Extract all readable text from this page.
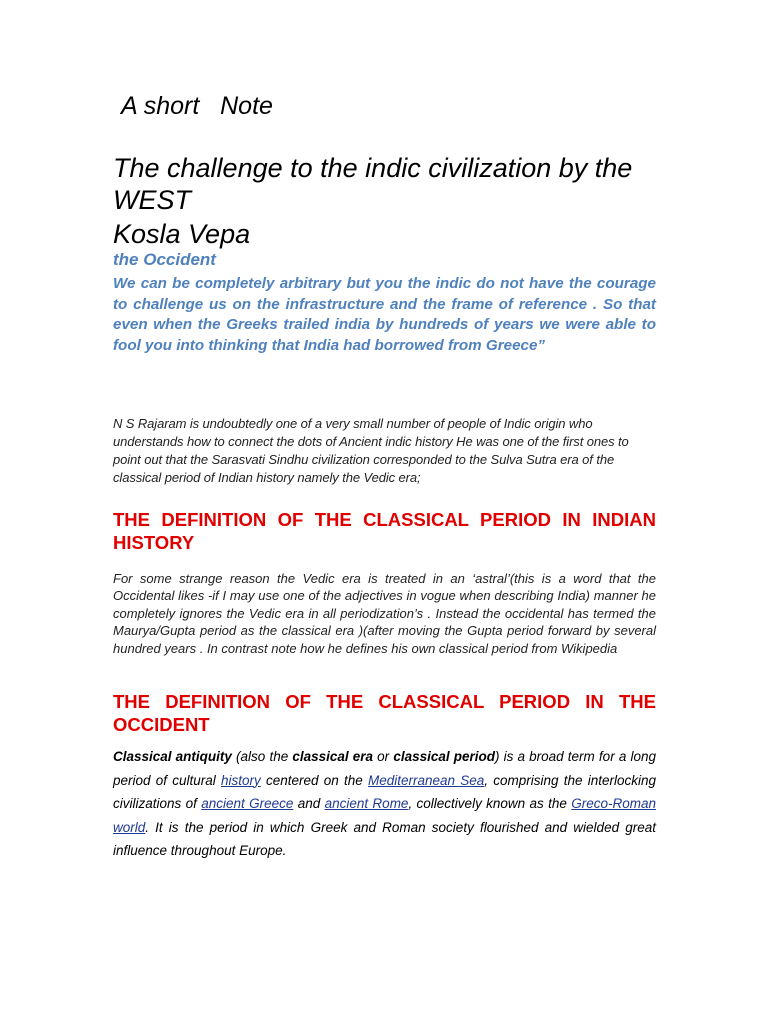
A short   Note

The challenge to the indic civilization by the WEST

Kosla Vepa

the Occident

We can be completely arbitrary but you the indic do not have the courage to challenge us on the infrastructure and the frame of reference . So that even when the Greeks trailed india by hundreds of years we were able to fool you into thinking that India had borrowed from Greece”

N S Rajaram is undoubtedly one of a very small number of people of Indic origin who understands how to connect the dots of Ancient indic history He was one of the first ones to point out that the Sarasvati Sindhu civilization corresponded to the Sulva Sutra era of the classical period of Indian history namely the Vedic era;

THE DEFINITION OF THE CLASSICAL PERIOD IN INDIAN HISTORY

For some strange reason the Vedic era is treated in an ‘astral’(this is a word that the Occidental likes -if I may use one of the adjectives in vogue when describing India) manner he completely ignores the Vedic era in all periodization’s . Instead the occidental has termed the Maurya/Gupta period as the classical era )(after moving the Gupta period forward by several hundred years . In contrast note how he defines his own classical period from Wikipedia

THE DEFINITION OF THE CLASSICAL PERIOD IN THE OCCIDENT

Classical antiquity (also the classical era or classical period) is a broad term for a long period of cultural history centered on the Mediterranean Sea, comprising the interlocking civilizations of ancient Greece and ancient Rome, collectively known as the Greco-Roman world. It is the period in which Greek and Roman society flourished and wielded great influence throughout Europe.
